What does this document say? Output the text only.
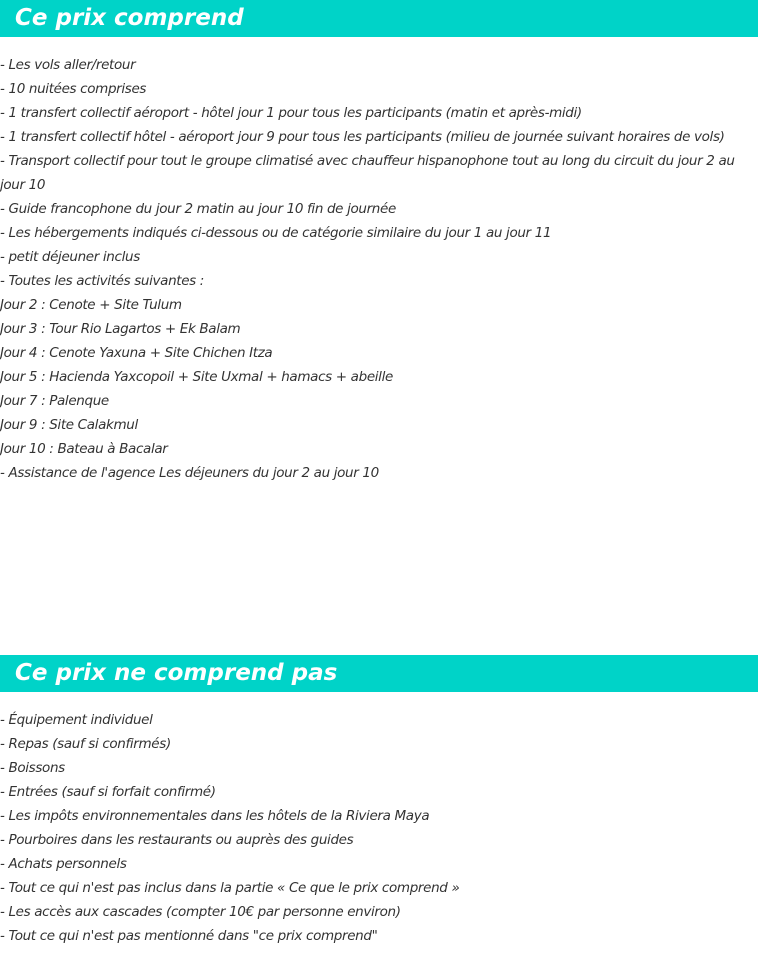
Ce prix comprend
- Les vols aller/retour
- 10 nuitées comprises
- 1 transfert collectif aéroport - hôtel jour 1 pour tous les participants (matin et après-midi)
- 1 transfert collectif hôtel - aéroport jour 9 pour tous les participants (milieu de journée suivant horaires de vols)
- Transport collectif pour tout le groupe climatisé avec chauffeur hispanophone tout au long du circuit du jour 2 au jour 10
- Guide francophone du jour 2 matin au jour 10 fin de journée
- Les hébergements indiqués ci-dessous ou de catégorie similaire du jour 1 au jour 11
- petit déjeuner inclus
- Toutes les activités suivantes :
Jour 2 : Cenote + Site Tulum
Jour 3 : Tour Rio Lagartos + Ek Balam
Jour 4 : Cenote Yaxuna + Site Chichen Itza
Jour 5 : Hacienda Yaxcopoil + Site Uxmal + hamacs + abeille
Jour 7 : Palenque
Jour 9 : Site Calakmul
Jour 10 : Bateau à Bacalar
- Assistance de l'agence Les déjeuners du jour 2 au jour 10
Ce prix ne comprend pas
- Équipement individuel
- Repas (sauf si confirmés)
- Boissons
- Entrées (sauf si forfait confirmé)
- Les impôts environnementales dans les hôtels de la Riviera Maya
- Pourboires dans les restaurants ou auprès des guides
- Achats personnels
- Tout ce qui n'est pas inclus dans la partie « Ce que le prix comprend »
- Les accès aux cascades (compter 10€ par personne environ)
- Tout ce qui n'est pas mentionné dans "ce prix comprend"
